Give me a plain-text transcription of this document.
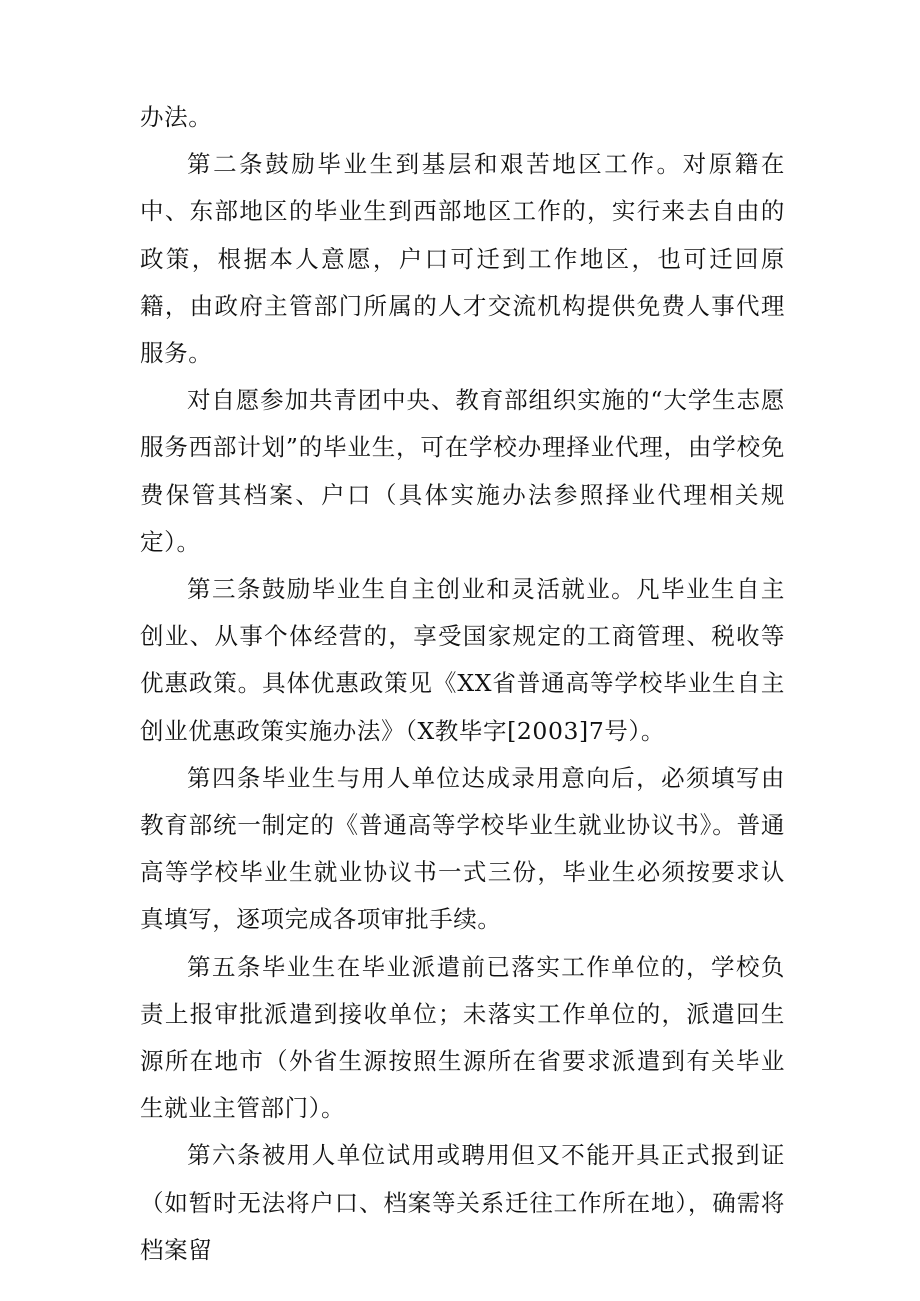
办法。

第二条鼓励毕业生到基层和艰苦地区工作。对原籍在中、东部地区的毕业生到西部地区工作的，实行来去自由的政策，根据本人意愿，户口可迁到工作地区，也可迁回原籍，由政府主管部门所属的人才交流机构提供免费人事代理服务。

对自愿参加共青团中央、教育部组织实施的“大学生志愿服务西部计划”的毕业生，可在学校办理择业代理，由学校免费保管其档案、户口（具体实施办法参照择业代理相关规定）。

第三条鼓励毕业生自主创业和灵活就业。凡毕业生自主创业、从事个体经营的，享受国家规定的工商管理、税收等优惠政策。具体优惠政策见《XX省普通高等学校毕业生自主创业优惠政策实施办法》（X教毕字[2003]7号）。

第四条毕业生与用人单位达成录用意向后，必须填写由教育部统一制定的《普通高等学校毕业生就业协议书》。普通高等学校毕业生就业协议书一式三份，毕业生必须按要求认真填写，逐项完成各项审批手续。

第五条毕业生在毕业派遣前已落实工作单位的，学校负责上报审批派遣到接收单位；未落实工作单位的，派遣回生源所在地市（外省生源按照生源所在省要求派遣到有关毕业生就业主管部门）。

第六条被用人单位试用或聘用但又不能开具正式报到证（如暂时无法将户口、档案等关系迁往工作所在地），确需将档案留
